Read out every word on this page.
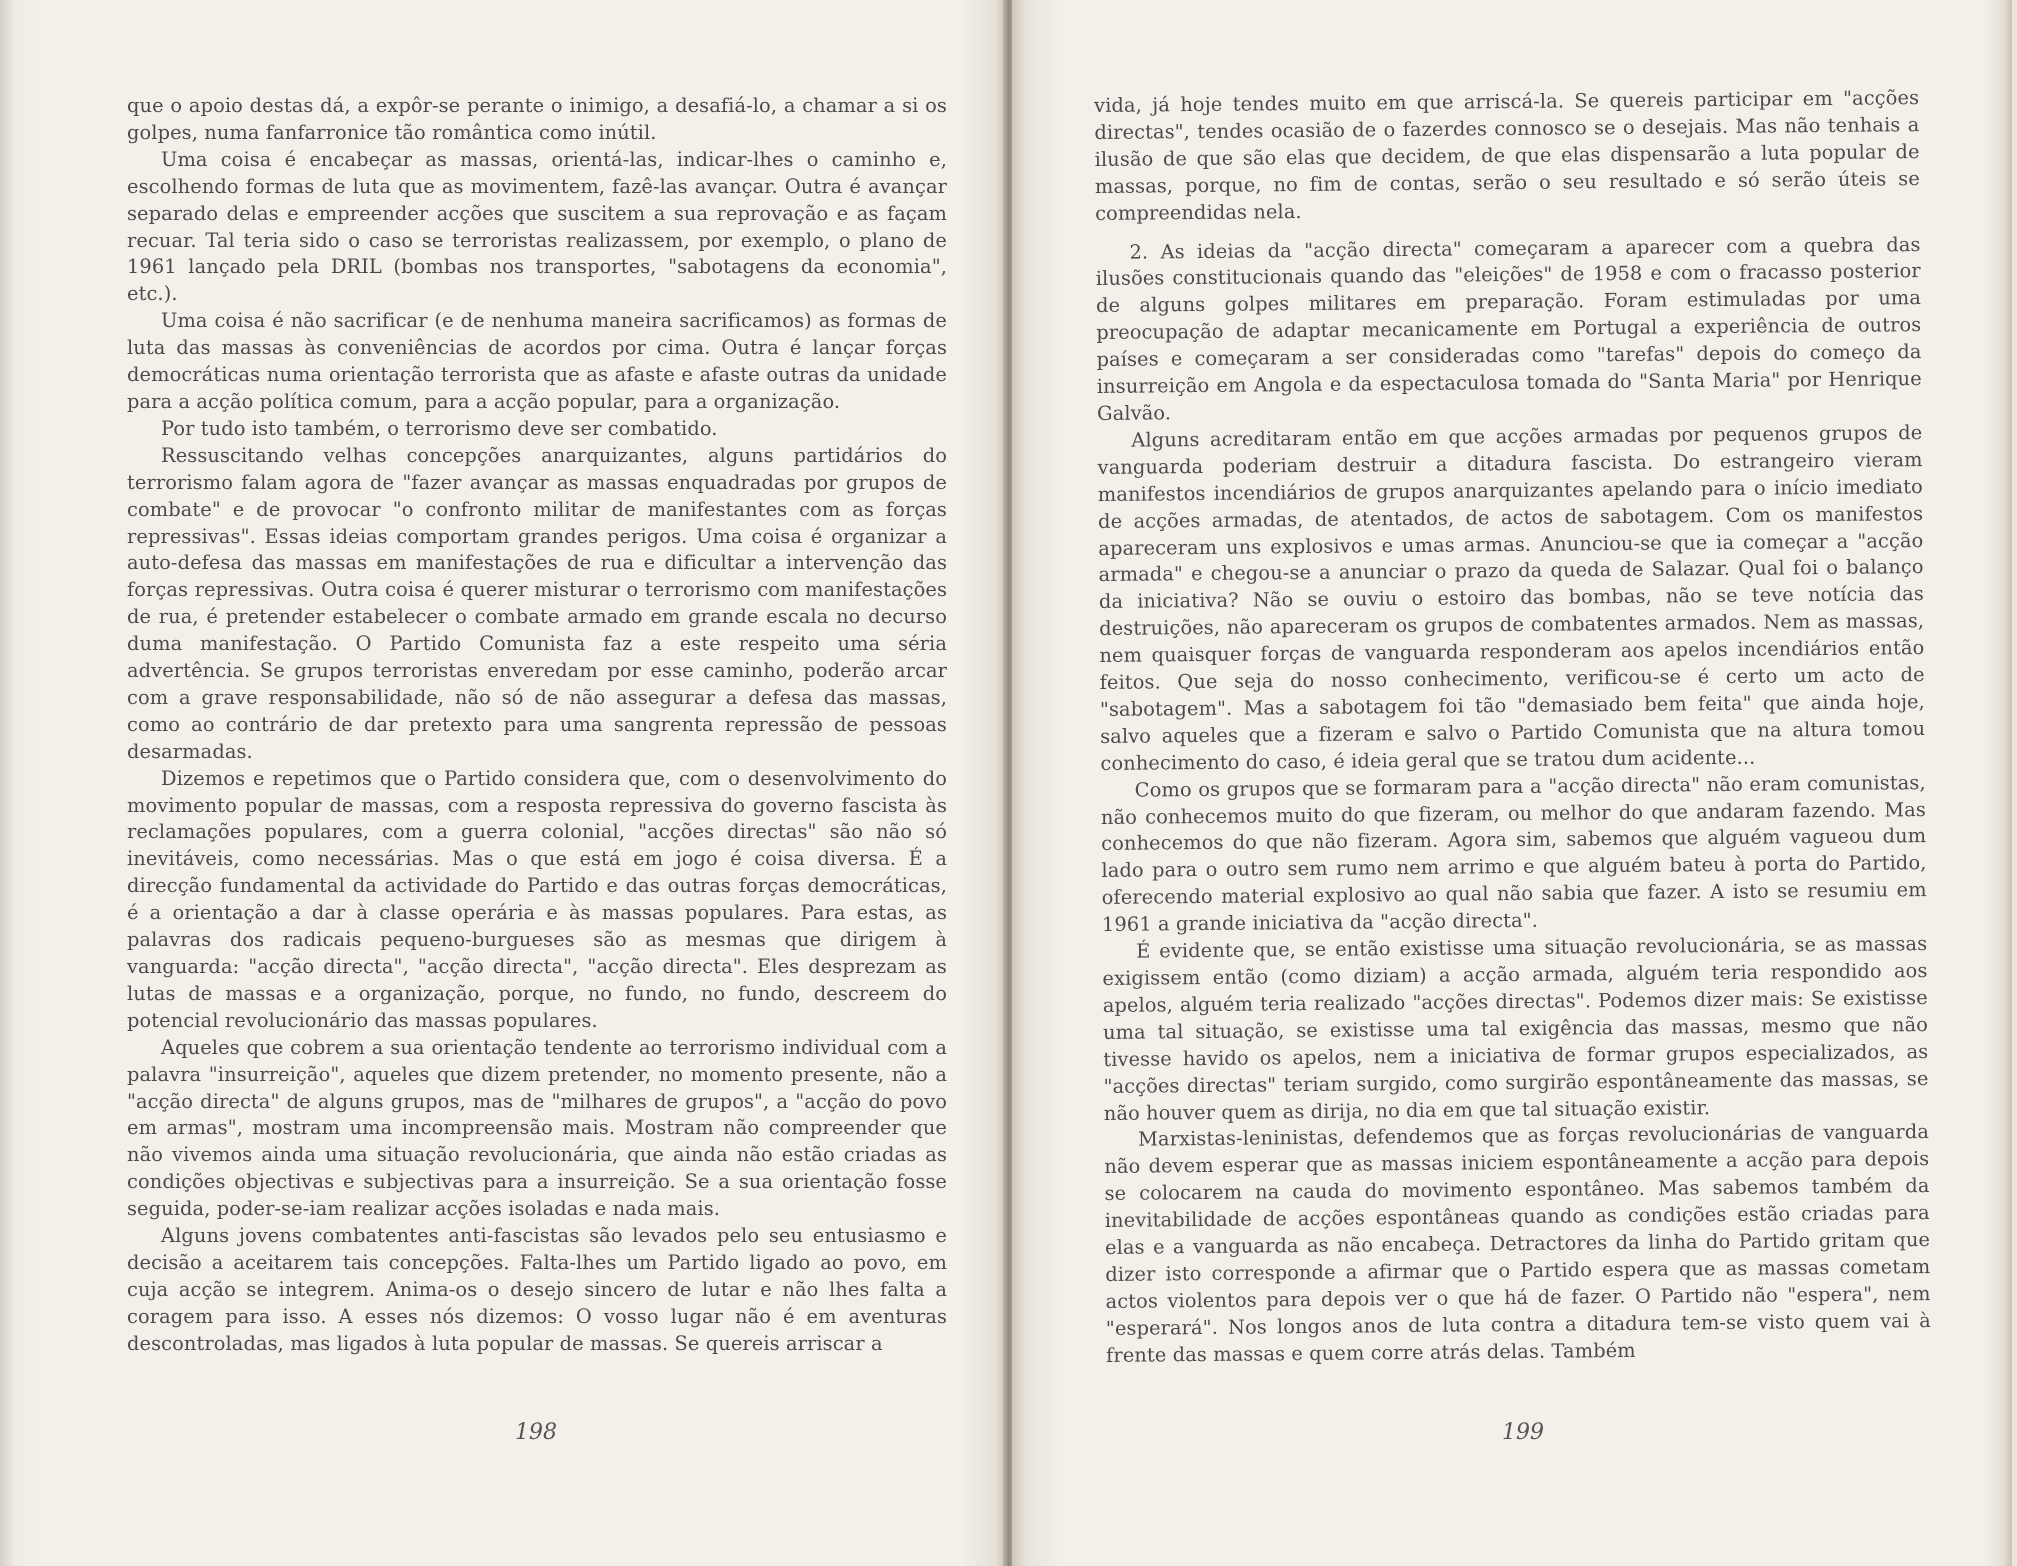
que o apoio destas dá, a expôr-se perante o inimigo, a desafiá-lo, a chamar a si os golpes, numa fanfarronice tão romântica como inútil.

Uma coisa é encabeçar as massas, orientá-las, indicar-lhes o caminho e, escolhendo formas de luta que as movimentem, fazê-las avançar. Outra é avançar separado delas e empreender acções que suscitem a sua reprovação e as façam recuar. Tal teria sido o caso se terroristas realizassem, por exemplo, o plano de 1961 lançado pela DRIL (bombas nos transportes, "sabotagens da economia", etc.).

Uma coisa é não sacrificar (e de nenhuma maneira sacrificamos) as formas de luta das massas às conveniências de acordos por cima. Outra é lançar forças democráticas numa orientação terrorista que as afaste e afaste outras da unidade para a acção política comum, para a acção popular, para a organização.

Por tudo isto também, o terrorismo deve ser combatido.

Ressuscitando velhas concepções anarquizantes, alguns partidários do terrorismo falam agora de "fazer avançar as massas enquadradas por grupos de combate" e de provocar "o confronto militar de manifestantes com as forças repressivas". Essas ideias comportam grandes perigos. Uma coisa é organizar a auto-defesa das massas em manifestações de rua e dificultar a intervenção das forças repressivas. Outra coisa é querer misturar o terrorismo com manifestações de rua, é pretender estabelecer o combate armado em grande escala no decurso duma manifestação. O Partido Comunista faz a este respeito uma séria advertência. Se grupos terroristas enveredam por esse caminho, poderão arcar com a grave responsabilidade, não só de não assegurar a defesa das massas, como ao contrário de dar pretexto para uma sangrenta repressão de pessoas desarmadas.

Dizemos e repetimos que o Partido considera que, com o desenvolvimento do movimento popular de massas, com a resposta repressiva do governo fascista às reclamações populares, com a guerra colonial, "acções directas" são não só inevitáveis, como necessárias. Mas o que está em jogo é coisa diversa. É a direcção fundamental da actividade do Partido e das outras forças democráticas, é a orientação a dar à classe operária e às massas populares. Para estas, as palavras dos radicais pequeno-burgueses são as mesmas que dirigem à vanguarda: "acção directa", "acção directa", "acção directa". Eles desprezam as lutas de massas e a organização, porque, no fundo, no fundo, descreem do potencial revolucionário das massas populares.

Aqueles que cobrem a sua orientação tendente ao terrorismo individual com a palavra "insurreição", aqueles que dizem pretender, no momento presente, não a "acção directa" de alguns grupos, mas de "milhares de grupos", a "acção do povo em armas", mostram uma incompreensão mais. Mostram não compreender que não vivemos ainda uma situação revolucionária, que ainda não estão criadas as condições objectivas e subjectivas para a insurreição. Se a sua orientação fosse seguida, poder-se-iam realizar acções isoladas e nada mais.

Alguns jovens combatentes anti-fascistas são levados pelo seu entusiasmo e decisão a aceitarem tais concepções. Falta-lhes um Partido ligado ao povo, em cuja acção se integrem. Anima-os o desejo sincero de lutar e não lhes falta a coragem para isso. A esses nós dizemos: O vosso lugar não é em aventuras descontroladas, mas ligados à luta popular de massas. Se quereis arriscar a

198

vida, já hoje tendes muito em que arriscá-la. Se quereis participar em "acções directas", tendes ocasião de o fazerdes connosco se o desejais. Mas não tenhais a ilusão de que são elas que decidem, de que elas dispensarão a luta popular de massas, porque, no fim de contas, serão o seu resultado e só serão úteis se compreendidas nela.

2. As ideias da "acção directa" começaram a aparecer com a quebra das ilusões constitucionais quando das "eleições" de 1958 e com o fracasso posterior de alguns golpes militares em preparação. Foram estimuladas por uma preocupação de adaptar mecanicamente em Portugal a experiência de outros países e começaram a ser consideradas como "tarefas" depois do começo da insurreição em Angola e da espectaculosa tomada do "Santa Maria" por Henrique Galvão.

Alguns acreditaram então em que acções armadas por pequenos grupos de vanguarda poderiam destruir a ditadura fascista. Do estrangeiro vieram manifestos incendiários de grupos anarquizantes apelando para o início imediato de acções armadas, de atentados, de actos de sabotagem. Com os manifestos apareceram uns explosivos e umas armas. Anunciou-se que ia começar a "acção armada" e chegou-se a anunciar o prazo da queda de Salazar. Qual foi o balanço da iniciativa? Não se ouviu o estoiro das bombas, não se teve notícia das destruições, não apareceram os grupos de combatentes armados. Nem as massas, nem quaisquer forças de vanguarda responderam aos apelos incendiários então feitos. Que seja do nosso conhecimento, verificou-se é certo um acto de "sabotagem". Mas a sabotagem foi tão "demasiado bem feita" que ainda hoje, salvo aqueles que a fizeram e salvo o Partido Comunista que na altura tomou conhecimento do caso, é ideia geral que se tratou dum acidente...

Como os grupos que se formaram para a "acção directa" não eram comunistas, não conhecemos muito do que fizeram, ou melhor do que andaram fazendo. Mas conhecemos do que não fizeram. Agora sim, sabemos que alguém vagueou dum lado para o outro sem rumo nem arrimo e que alguém bateu à porta do Partido, oferecendo material explosivo ao qual não sabia que fazer. A isto se resumiu em 1961 a grande iniciativa da "acção directa".

É evidente que, se então existisse uma situação revolucionária, se as massas exigissem então (como diziam) a acção armada, alguém teria respondido aos apelos, alguém teria realizado "acções directas". Podemos dizer mais: Se existisse uma tal situação, se existisse uma tal exigência das massas, mesmo que não tivesse havido os apelos, nem a iniciativa de formar grupos especializados, as "acções directas" teriam surgido, como surgirão espontâneamente das massas, se não houver quem as dirija, no dia em que tal situação existir.

Marxistas-leninistas, defendemos que as forças revolucionárias de vanguarda não devem esperar que as massas iniciem espontâneamente a acção para depois se colocarem na cauda do movimento espontâneo. Mas sabemos também da inevitabilidade de acções espontâneas quando as condições estão criadas para elas e a vanguarda as não encabeça. Detractores da linha do Partido gritam que dizer isto corresponde a afirmar que o Partido espera que as massas cometam actos violentos para depois ver o que há de fazer. O Partido não "espera", nem "esperará". Nos longos anos de luta contra a ditadura tem-se visto quem vai à frente das massas e quem corre atrás delas. Também

199
